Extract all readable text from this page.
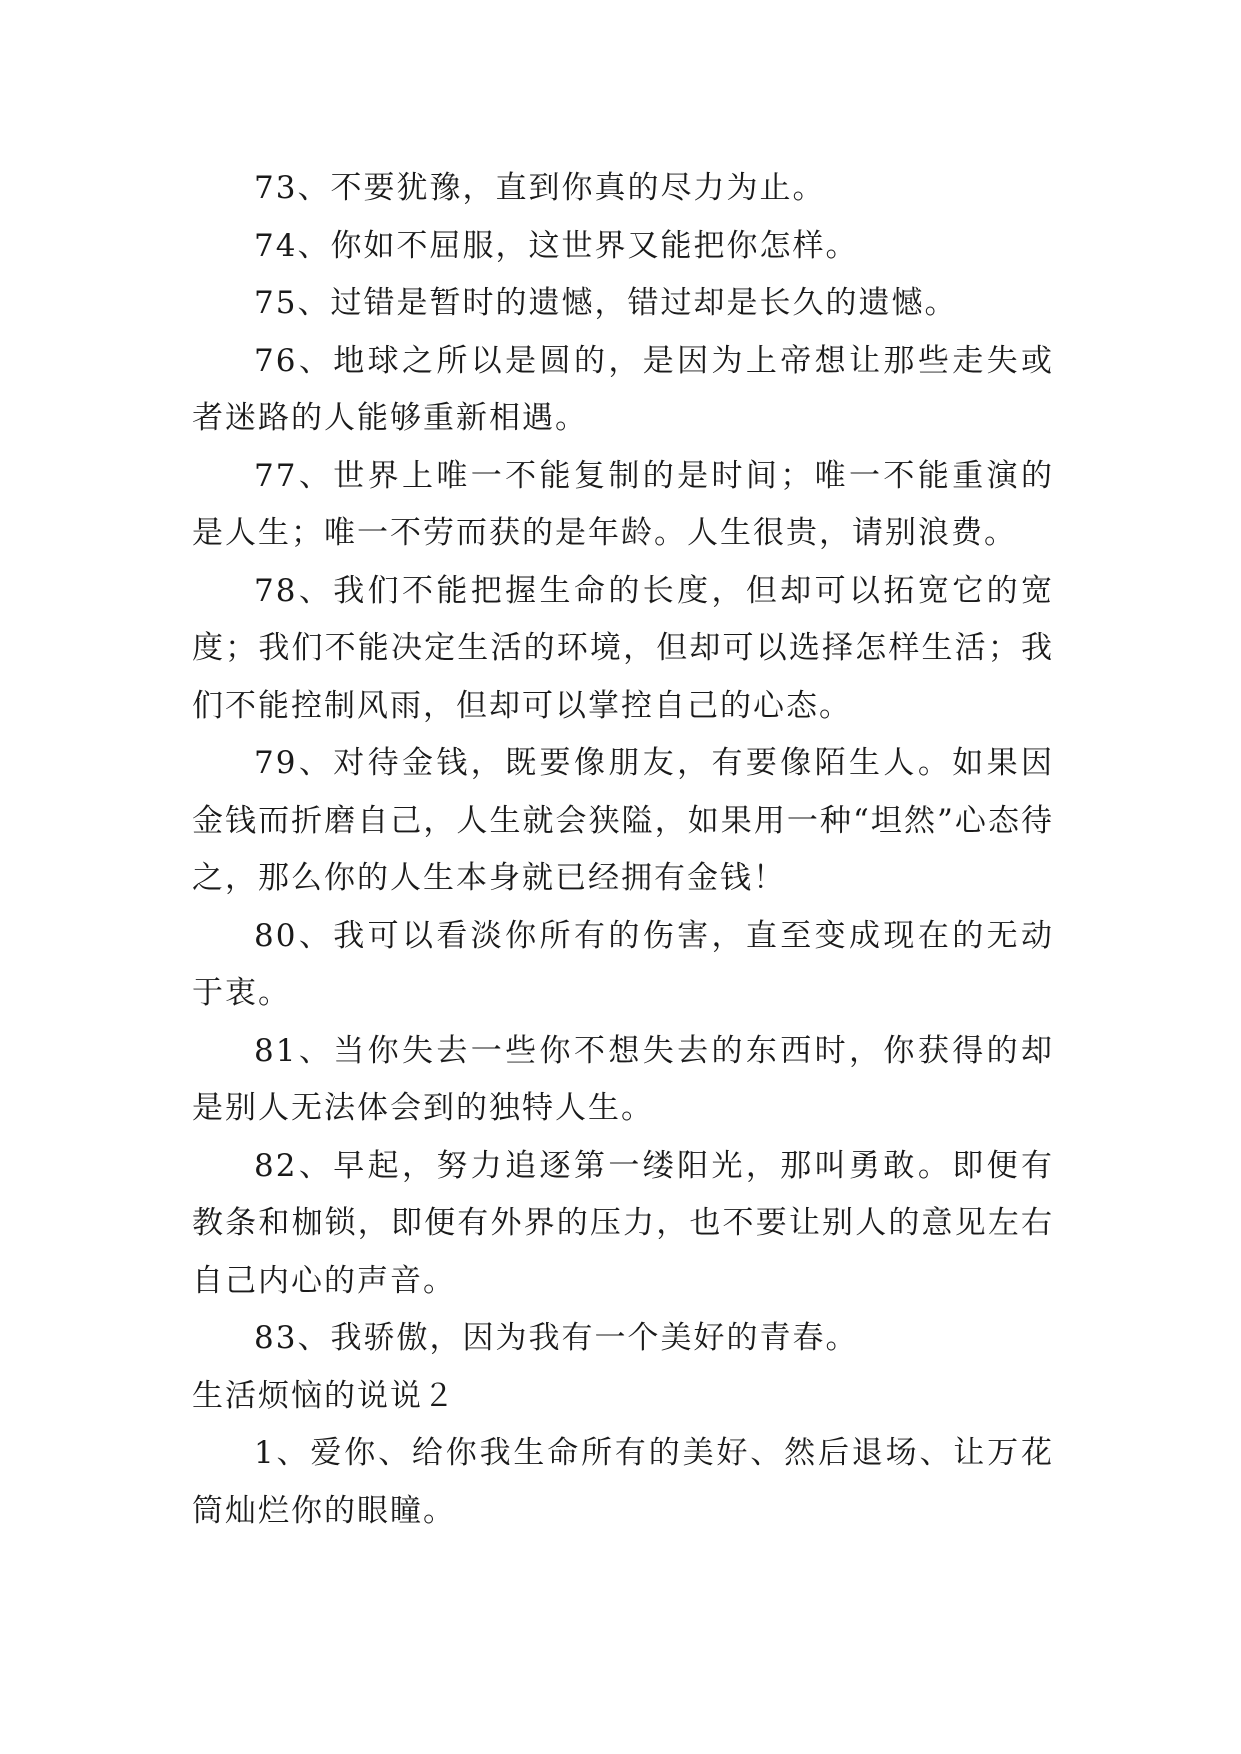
73、不要犹豫，直到你真的尽力为止。

74、你如不屈服，这世界又能把你怎样。

75、过错是暂时的遗憾，错过却是长久的遗憾。

76、地球之所以是圆的，是因为上帝想让那些走失或者迷路的人能够重新相遇。

77、世界上唯一不能复制的是时间；唯一不能重演的是人生；唯一不劳而获的是年龄。人生很贵，请别浪费。

78、我们不能把握生命的长度，但却可以拓宽它的宽度；我们不能决定生活的环境，但却可以选择怎样生活；我们不能控制风雨，但却可以掌控自己的心态。

79、对待金钱，既要像朋友，有要像陌生人。如果因金钱而折磨自己，人生就会狭隘，如果用一种“坦然”心态待之，那么你的人生本身就已经拥有金钱！

80、我可以看淡你所有的伤害，直至变成现在的无动于衷。

81、当你失去一些你不想失去的东西时，你获得的却是别人无法体会到的独特人生。

82、早起，努力追逐第一缕阳光，那叫勇敢。即便有教条和枷锁，即便有外界的压力，也不要让别人的意见左右自己内心的声音。

83、我骄傲，因为我有一个美好的青春。

生活烦恼的说说２

1、爱你、给你我生命所有的美好、然后退场、让万花筒灿烂你的眼瞳。
